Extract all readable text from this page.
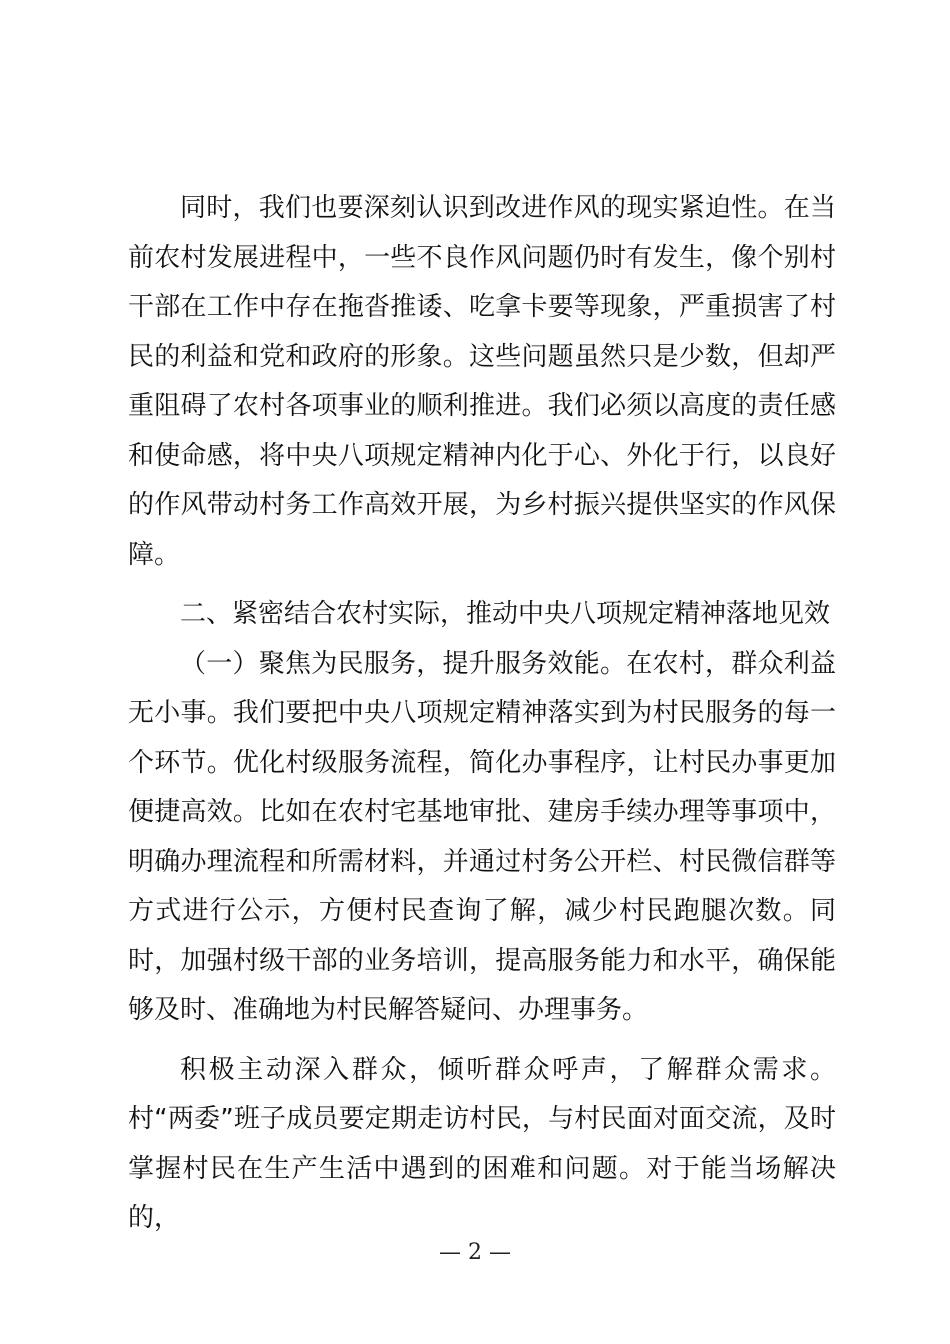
同时，我们也要深刻认识到改进作风的现实紧迫性。在当前农村发展进程中，一些不良作风问题仍时有发生，像个别村干部在工作中存在拖沓推诿、吃拿卡要等现象，严重损害了村民的利益和党和政府的形象。这些问题虽然只是少数，但却严重阻碍了农村各项事业的顺利推进。我们必须以高度的责任感和使命感，将中央八项规定精神内化于心、外化于行，以良好的作风带动村务工作高效开展，为乡村振兴提供坚实的作风保障。

二、紧密结合农村实际，推动中央八项规定精神落地见效

（一）聚焦为民服务，提升服务效能。在农村，群众利益无小事。我们要把中央八项规定精神落实到为村民服务的每一个环节。优化村级服务流程，简化办事程序，让村民办事更加便捷高效。比如在农村宅基地审批、建房手续办理等事项中，明确办理流程和所需材料，并通过村务公开栏、村民微信群等方式进行公示，方便村民查询了解，减少村民跑腿次数。同时，加强村级干部的业务培训，提高服务能力和水平，确保能够及时、准确地为村民解答疑问、办理事务。

积极主动深入群众，倾听群众呼声，了解群众需求。村“两委”班子成员要定期走访村民，与村民面对面交流，及时掌握村民在生产生活中遇到的困难和问题。对于能当场解决的，

— 2 —
